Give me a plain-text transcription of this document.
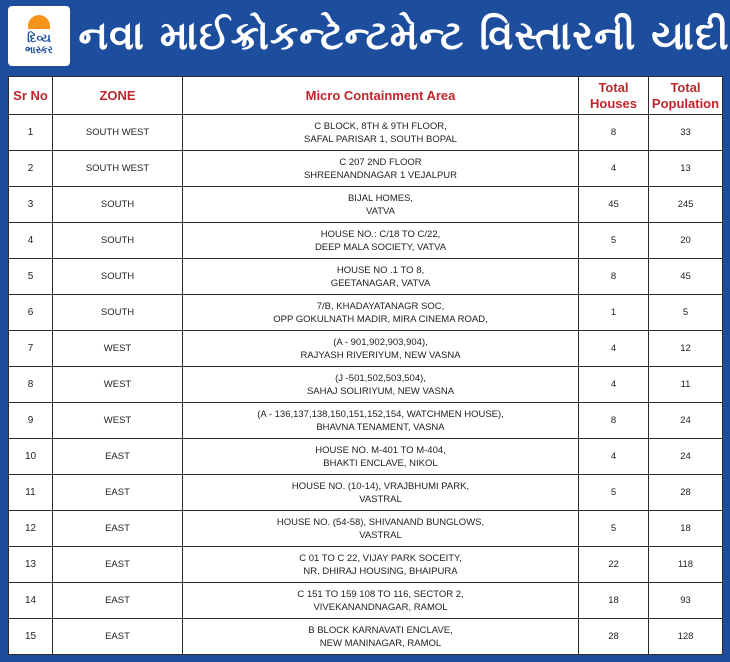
દિવ્ય
ભાસ્કર નવા માઈક્રોકન્ટેન્ટમેન્ટ વિસ્તારની યાદી
Sr No	ZONE	Micro Containment Area	Total Houses	Total Population
1	SOUTH WEST	C BLOCK, 8TH & 9TH FLOOR,
SAFAL PARISAR 1, SOUTH BOPAL	8	33
2	SOUTH WEST	C 207 2ND FLOOR
SHREENANDNAGAR 1 VEJALPUR	4	13
3	SOUTH	BIJAL HOMES,
VATVA	45	245
4	SOUTH	HOUSE NO.: C/18 TO C/22,
DEEP MALA SOCIETY, VATVA	5	20
5	SOUTH	HOUSE NO .1 TO 8,
GEETANAGAR, VATVA	8	45
6	SOUTH	7/B, KHADAYATANAGR SOC,
OPP GOKULNATH MADIR, MIRA CINEMA ROAD,	1	5
7	WEST	(A - 901,902,903,904),
RAJYASH RIVERIYUM, NEW VASNA	4	12
8	WEST	(J -501,502,503,504),
SAHAJ SOLIRIYUM, NEW VASNA	4	11
9	WEST	(A - 136,137,138,150,151,152,154, WATCHMEN HOUSE),
BHAVNA TENAMENT, VASNA	8	24
10	EAST	HOUSE NO. M-401 TO M-404,
BHAKTI ENCLAVE, NIKOL	4	24
11	EAST	HOUSE NO. (10-14), VRAJBHUMI PARK,
VASTRAL	5	28
12	EAST	HOUSE NO. (54-58), SHIVANAND BUNGLOWS,
VASTRAL	5	18
13	EAST	C 01 TO C 22, VIJAY PARK SOCEITY,
NR. DHIRAJ HOUSING, BHAIPURA	22	118
14	EAST	C 151 TO 159 108 TO 116, SECTOR 2,
VIVEKANANDNAGAR, RAMOL	18	93
15	EAST	B BLOCK KARNAVATI ENCLAVE,
NEW MANINAGAR, RAMOL	28	128
